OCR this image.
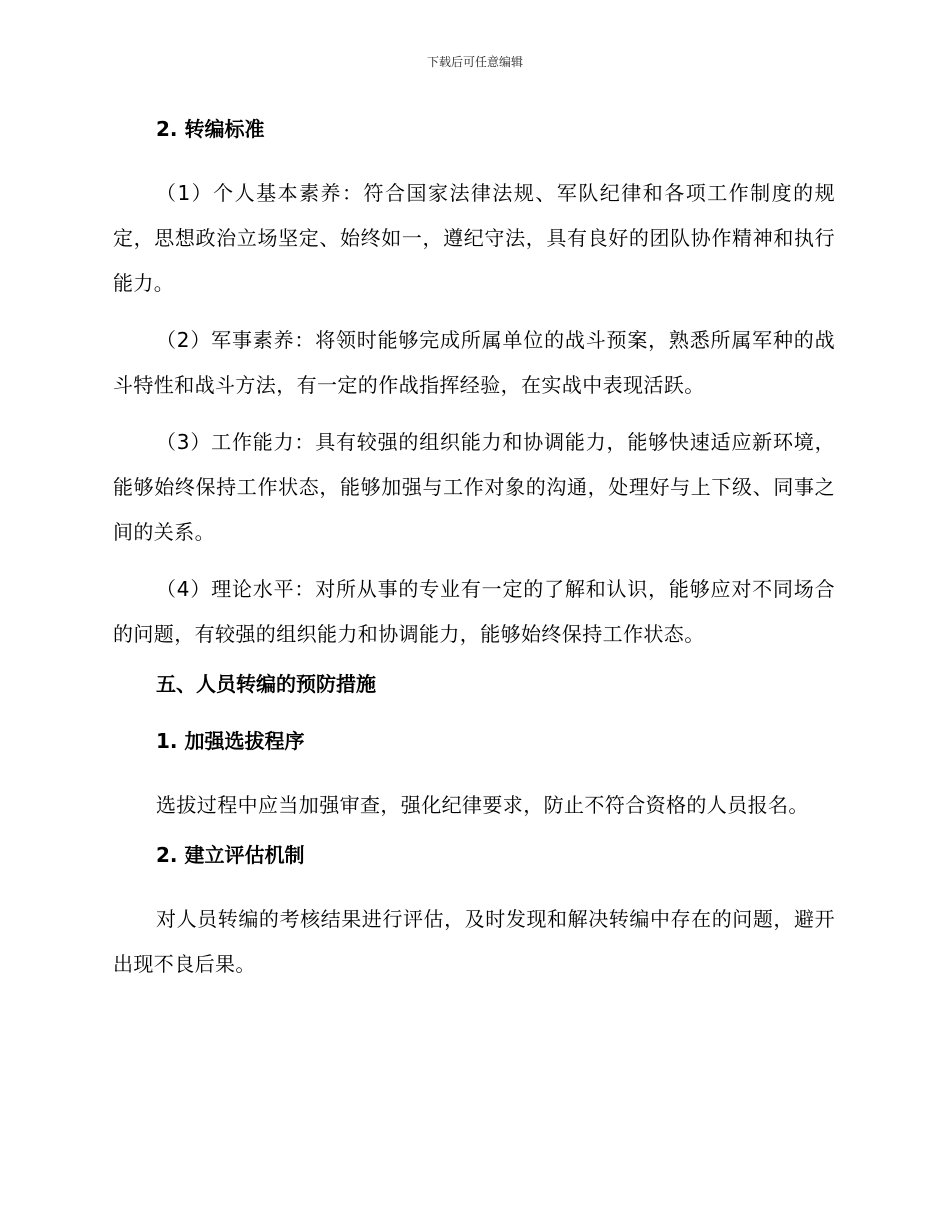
下载后可任意编辑
2. 转编标准

（1）个人基本素养：符合国家法律法规、军队纪律和各项工作制度的规定，思想政治立场坚定、始终如一，遵纪守法，具有良好的团队协作精神和执行能力。

（2）军事素养：将领时能够完成所属单位的战斗预案，熟悉所属军种的战斗特性和战斗方法，有一定的作战指挥经验，在实战中表现活跃。

（3）工作能力：具有较强的组织能力和协调能力，能够快速适应新环境，能够始终保持工作状态，能够加强与工作对象的沟通，处理好与上下级、同事之间的关系。

（4）理论水平：对所从事的专业有一定的了解和认识，能够应对不同场合的问题，有较强的组织能力和协调能力，能够始终保持工作状态。

五、人员转编的预防措施
1. 加强选拔程序

选拔过程中应当加强审查，强化纪律要求，防止不符合资格的人员报名。

2. 建立评估机制

对人员转编的考核结果进行评估，及时发现和解决转编中存在的问题，避开出现不良后果。
